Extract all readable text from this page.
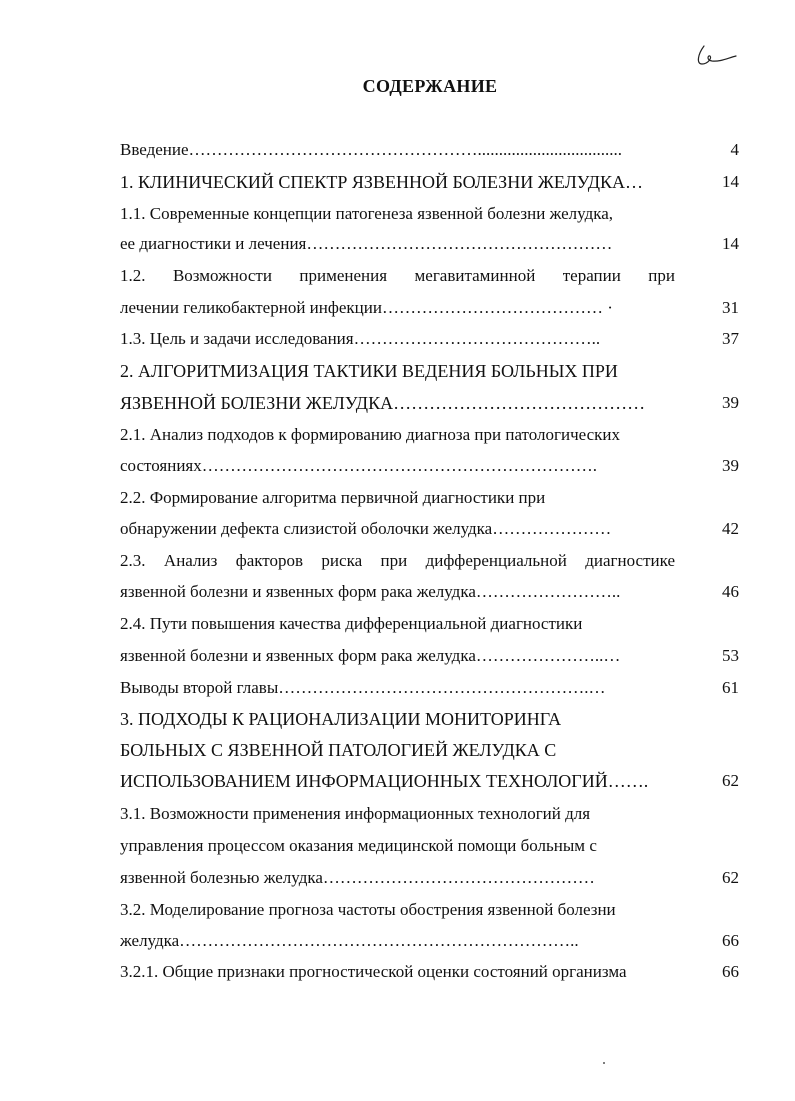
СОДЕРЖАНИЕ
Введение……………………………………………..................................	4
1. КЛИНИЧЕСКИЙ СПЕКТР ЯЗВЕННОЙ БОЛЕЗНИ ЖЕЛУДКА…	14
1.1. Современные концепции патогенеза язвенной болезни желудка,
ее диагностики и лечения………………………………………………	14
1.2. Возможности применения мегавитаминной терапии при
лечении геликобактерной инфекции………………………………… ·	31
1.3. Цель и задачи исследования……………………………………..	37
2. АЛГОРИТМИЗАЦИЯ ТАКТИКИ ВЕДЕНИЯ БОЛЬНЫХ ПРИ
ЯЗВЕННОЙ БОЛЕЗНИ ЖЕЛУДКА……………………………………	39
2.1. Анализ подходов к формированию диагноза при патологических
состояниях…………………………………………………………….	39
2.2. Формирование алгоритма первичной диагностики при
обнаружении дефекта слизистой оболочки желудка…………………	42
2.3. Анализ факторов риска при дифференциальной диагностике
язвенной болезни и язвенных форм рака желудка……………………..	46
2.4. Пути повышения качества дифференциальной диагностики
язвенной болезни и язвенных форм рака желудка…………………..…	53
Выводы второй главы……………………………………………….…	61
3. ПОДХОДЫ К РАЦИОНАЛИЗАЦИИ МОНИТОРИНГА
БОЛЬНЫХ С ЯЗВЕННОЙ ПАТОЛОГИЕЙ ЖЕЛУДКА С
ИСПОЛЬЗОВАНИЕМ ИНФОРМАЦИОННЫХ ТЕХНОЛОГИЙ…….	62
3.1. Возможности применения информационных технологий для
управления процессом оказания медицинской помощи больным с
язвенной болезнью желудка…………………………………………	62
3.2. Моделирование прогноза частоты обострения язвенной болезни
желудка……………………………………………………………..	66
3.2.1. Общие признаки прогностической оценки состояний организма	66
